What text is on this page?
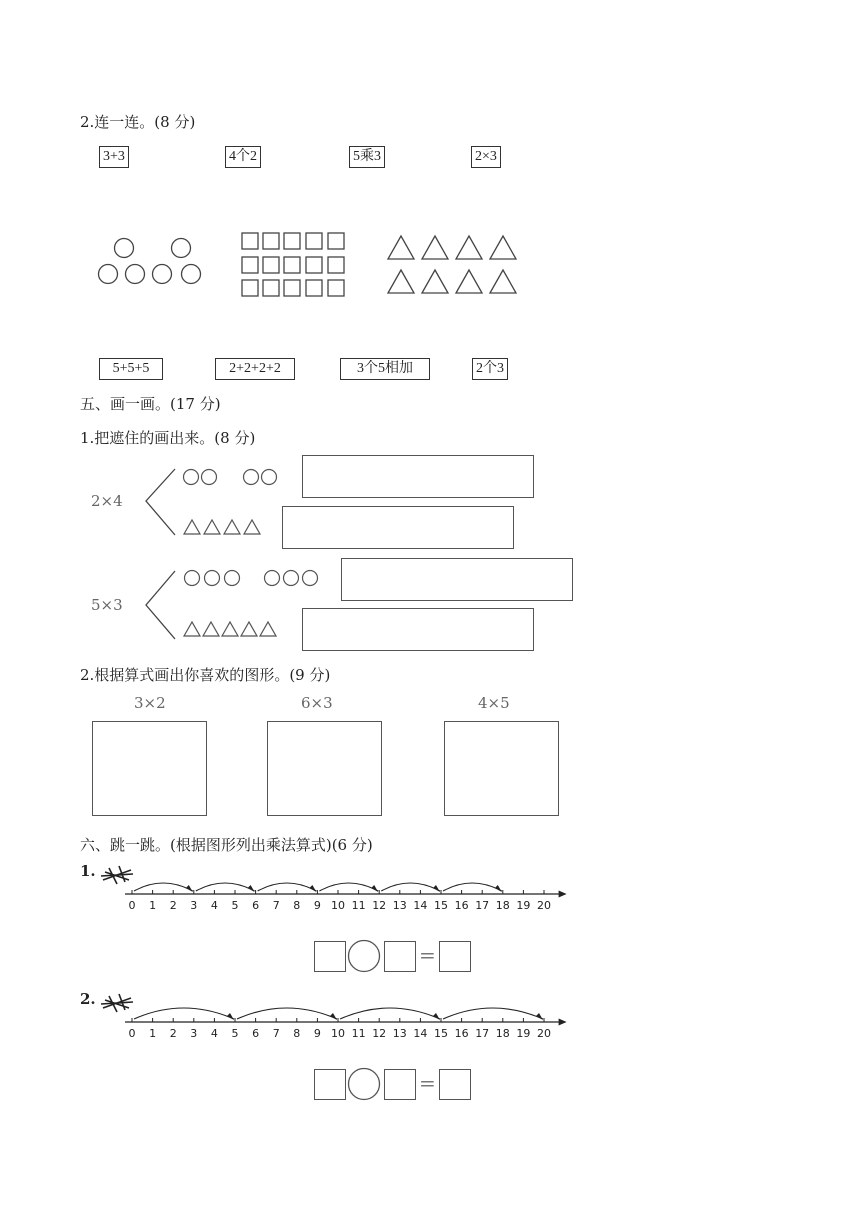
2.连一连。(8 分)
3+3	4个2	5乘3	2×3
5+5+5	2+2+2+2	3个5相加	2个3
五、画一画。(17 分)
1.把遮住的画出来。(8 分)
2×4
5×3
2.根据算式画出你喜欢的图形。(9 分)
3×2	6×3	4×5
六、跳一跳。(根据图形列出乘法算式)(6 分)
1.
0 1 2 3 4 5 6 7 8 9 10 11 12 13 14 15 16 17 18 19 20
=
2.
0 1 2 3 4 5 6 7 8 9 10 11 12 13 14 15 16 17 18 19 20
=
